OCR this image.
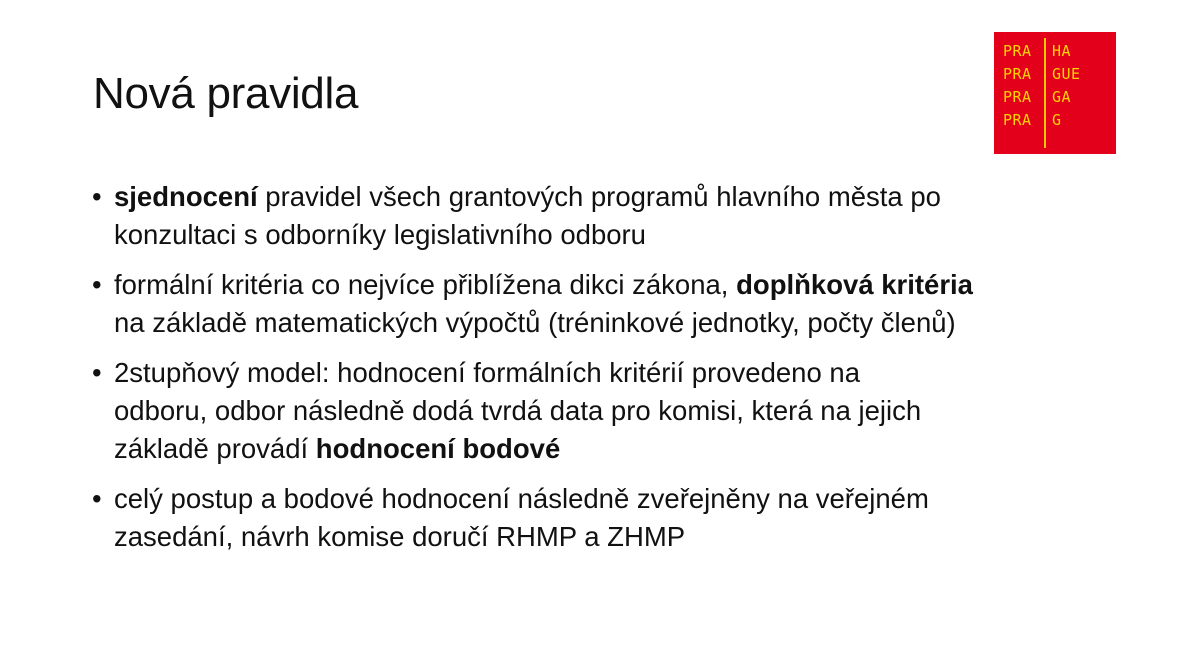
Nová pravidla
PRA
PRA
PRA
PRA
HA
GUE
GA
G
• sjednocení pravidel všech grantových programů hlavního města po
konzultaci s odborníky legislativního odboru
• formální kritéria co nejvíce přiblížena dikci zákona, doplňková kritéria
na základě matematických výpočtů (tréninkové jednotky, počty členů)
• 2stupňový model: hodnocení formálních kritérií provedeno na
odboru, odbor následně dodá tvrdá data pro komisi, která na jejich
základě provádí hodnocení bodové
• celý postup a bodové hodnocení následně zveřejněny na veřejném
zasedání, návrh komise doručí RHMP a ZHMP
